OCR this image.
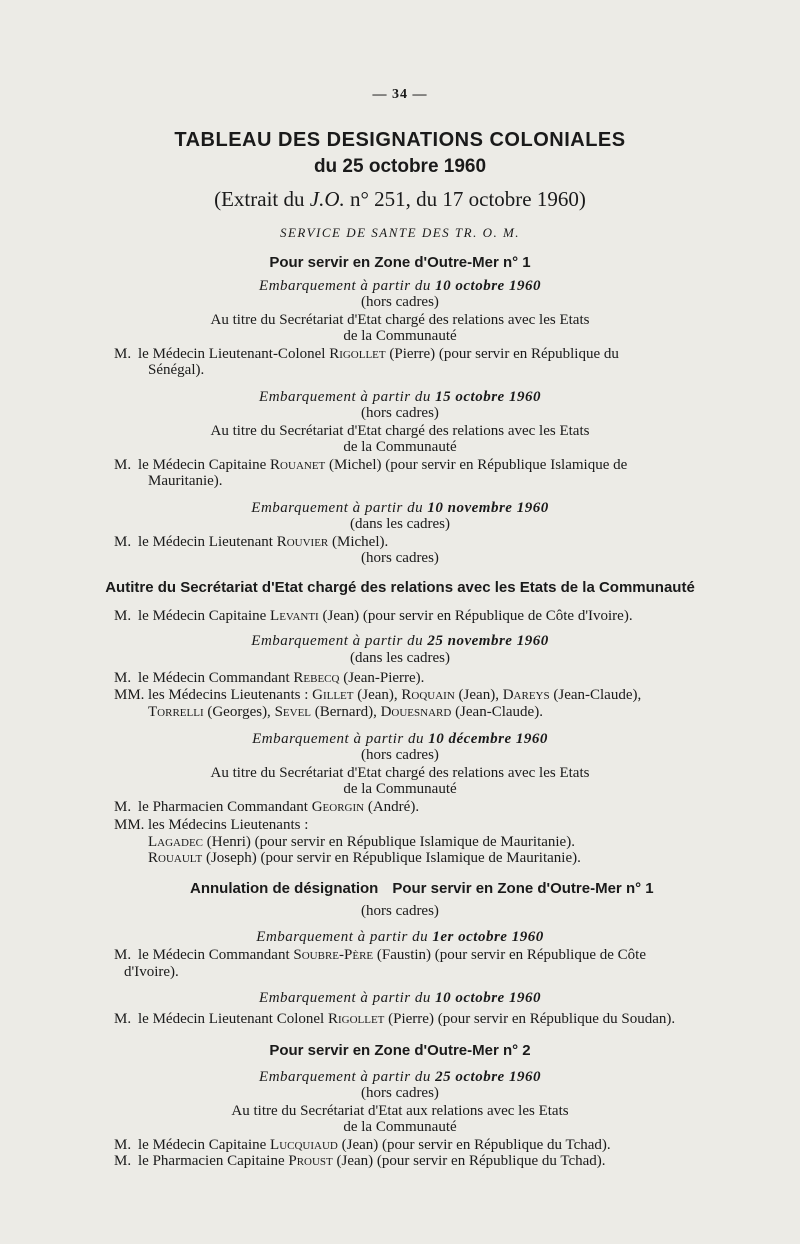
— 34 —
TABLEAU DES DESIGNATIONS COLONIALES
du 25 octobre 1960
(Extrait du J.O. n° 251, du 17 octobre 1960)
SERVICE DE SANTE DES TR. O. M.
Pour servir en Zone d'Outre-Mer n° 1
Embarquement à partir du 10 octobre 1960
(hors cadres)
Au titre du Secrétariat d'Etat chargé des relations avec les Etats
de la Communauté
M. le Médecin Lieutenant-Colonel Rigollet (Pierre) (pour servir en République du
Sénégal).
Embarquement à partir du 15 octobre 1960
(hors cadres)
Au titre du Secrétariat d'Etat chargé des relations avec les Etats
de la Communauté
M. le Médecin Capitaine Rouanet (Michel) (pour servir en République Islamique de
Mauritanie).
Embarquement à partir du 10 novembre 1960
(dans les cadres)
M. le Médecin Lieutenant Rouvier (Michel).
(hors cadres)
Autitre du Secrétariat d'Etat chargé des relations avec les Etats de la Communauté
M. le Médecin Capitaine Levanti (Jean) (pour servir en République de Côte d'Ivoire).
Embarquement à partir du 25 novembre 1960
(dans les cadres)
M. le Médecin Commandant Rebecq (Jean-Pierre).
MM. les Médecins Lieutenants : Gillet (Jean), Roquain (Jean), Dareys (Jean-Claude),
Torrelli (Georges), Sevel (Bernard), Douesnard (Jean-Claude).
Embarquement à partir du 10 décembre 1960
(hors cadres)
Au titre du Secrétariat d'Etat chargé des relations avec les Etats
de la Communauté
M. le Pharmacien Commandant Georgin (André).
MM. les Médecins Lieutenants :
Lagadec (Henri) (pour servir en République Islamique de Mauritanie).
Rouault (Joseph) (pour servir en République Islamique de Mauritanie).
Annulation de désignation Pour servir en Zone d'Outre-Mer n° 1
(hors cadres)
Embarquement à partir du 1er octobre 1960
M. le Médecin Commandant Soubre-Père (Faustin) (pour servir en République de Côte
d'Ivoire).
Embarquement à partir du 10 octobre 1960
M. le Médecin Lieutenant Colonel Rigollet (Pierre) (pour servir en République du Soudan).
Pour servir en Zone d'Outre-Mer n° 2
Embarquement à partir du 25 octobre 1960
(hors cadres)
Au titre du Secrétariat d'Etat aux relations avec les Etats
de la Communauté
M. le Médecin Capitaine Lucquiaud (Jean) (pour servir en République du Tchad).
M. le Pharmacien Capitaine Proust (Jean) (pour servir en République du Tchad).
